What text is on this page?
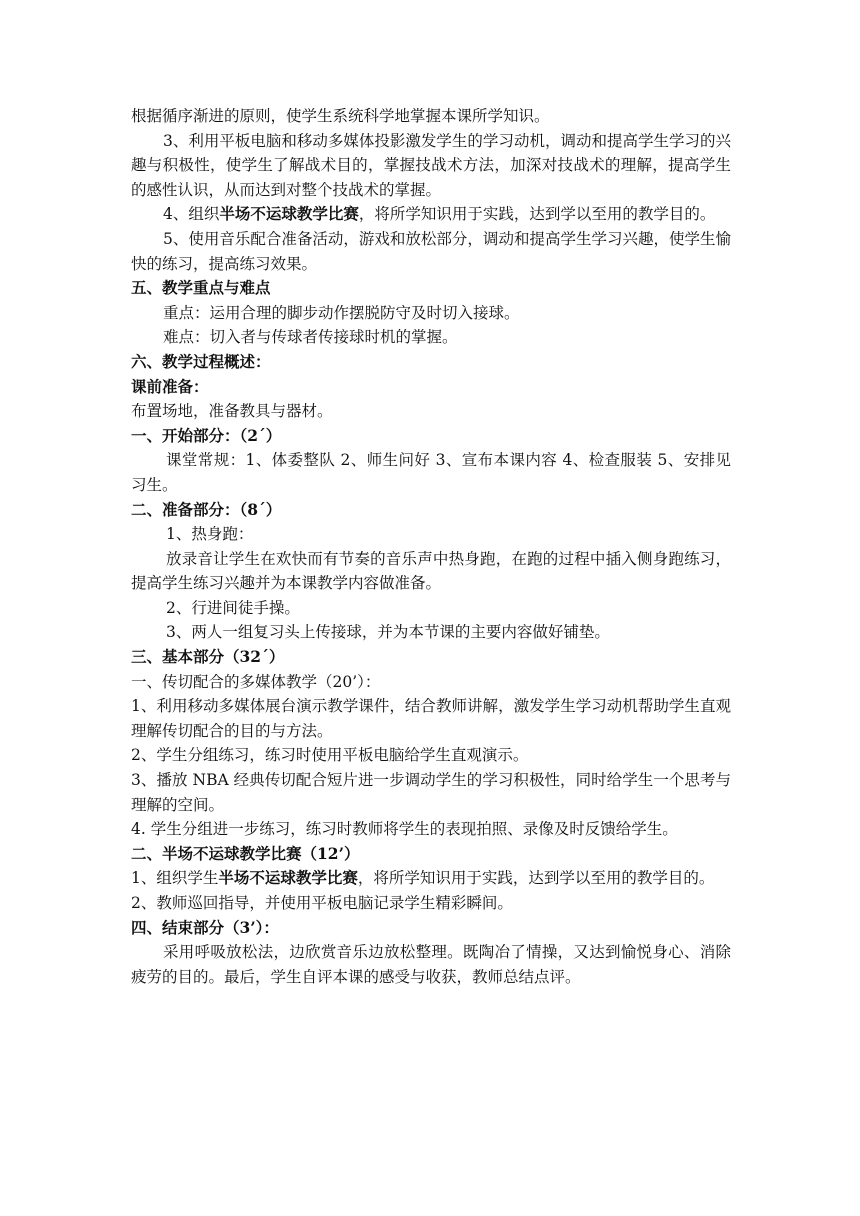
根据循序渐进的原则，使学生系统科学地掌握本课所学知识。

3、利用平板电脑和移动多媒体投影激发学生的学习动机，调动和提高学生学习的兴趣与积极性，使学生了解战术目的，掌握技战术方法，加深对技战术的理解，提高学生的感性认识，从而达到对整个技战术的掌握。

4、组织半场不运球教学比赛，将所学知识用于实践，达到学以至用的教学目的。

5、使用音乐配合准备活动，游戏和放松部分，调动和提高学生学习兴趣，使学生愉快的练习，提高练习效果。

五、教学重点与难点

重点：运用合理的脚步动作摆脱防守及时切入接球。

难点：切入者与传球者传接球时机的掌握。

六、教学过程概述：

课前准备：

布置场地，准备教具与器材。

一、开始部分：（2´）

课堂常规：1、体委整队 2、师生问好 3、宣布本课内容 4、检查服装 5、安排见习生。

二、准备部分：（8´）

1、热身跑：

放录音让学生在欢快而有节奏的音乐声中热身跑，在跑的过程中插入侧身跑练习，提高学生练习兴趣并为本课教学内容做准备。

2、行进间徒手操。

3、两人一组复习头上传接球，并为本节课的主要内容做好铺垫。

三、基本部分（32´）

一、传切配合的多媒体教学（20’）：

1、利用移动多媒体展台演示教学课件，结合教师讲解，激发学生学习动机帮助学生直观理解传切配合的目的与方法。

2、学生分组练习，练习时使用平板电脑给学生直观演示。

3、播放 NBA 经典传切配合短片进一步调动学生的学习积极性，同时给学生一个思考与理解的空间。

4. 学生分组进一步练习，练习时教师将学生的表现拍照、录像及时反馈给学生。

二、半场不运球教学比赛（12’）

1、组织学生半场不运球教学比赛，将所学知识用于实践，达到学以至用的教学目的。

2、教师巡回指导，并使用平板电脑记录学生精彩瞬间。

四、结束部分（3’）：

采用呼吸放松法，边欣赏音乐边放松整理。既陶冶了情操，又达到愉悦身心、消除疲劳的目的。最后，学生自评本课的感受与收获，教师总结点评。
